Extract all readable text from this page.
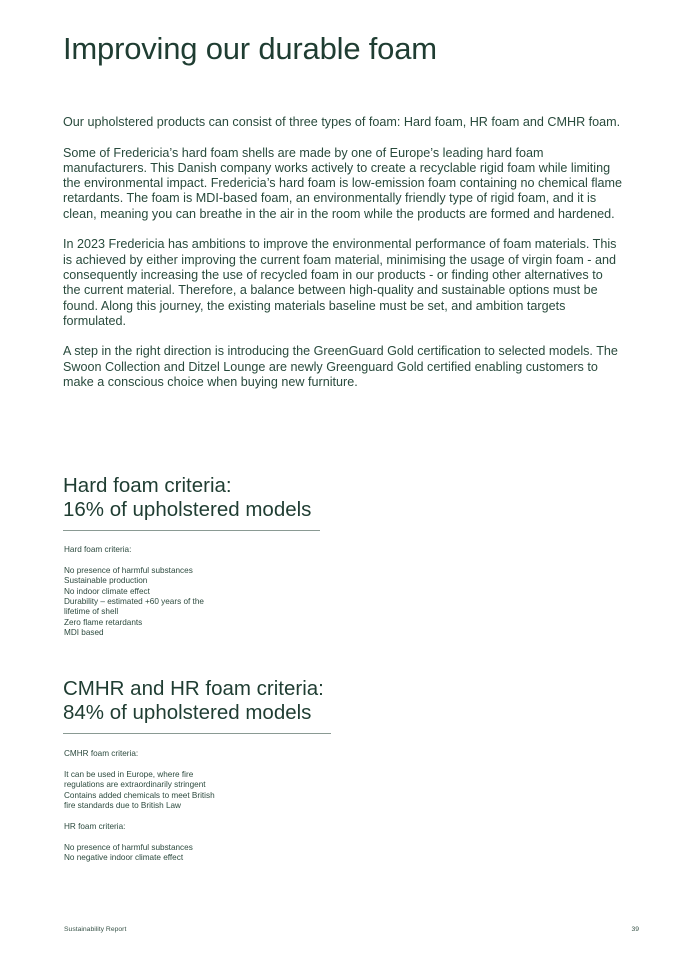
Improving our durable foam

Our upholstered products can consist of three types of foam: Hard foam, HR foam and CMHR foam.

Some of Fredericia’s hard foam shells are made by one of Europe’s leading hard foam manufacturers. This Danish company works actively to create a recyclable rigid foam while limiting the environmental impact. Fredericia’s hard foam is low-emission foam containing no chemical flame retardants. The foam is MDI-based foam, an environmentally friendly type of rigid foam, and it is clean, meaning you can breathe in the air in the room while the products are formed and hardened.

In 2023 Fredericia has ambitions to improve the environmental performance of foam materials. This is achieved by either improving the current foam material, minimising the usage of virgin foam - and consequently increasing the use of recycled foam in our products - or finding other alternatives to the current material. Therefore, a balance between high-quality and sustainable options must be found. Along this journey, the existing materials baseline must be set, and ambition targets formulated.

A step in the right direction is introducing the GreenGuard Gold certification to selected models. The Swoon Collection and Ditzel Lounge are newly Greenguard Gold certified enabling customers to make a conscious choice when buying new furniture.

Hard foam criteria:
16% of upholstered models
Hard foam criteria:
No presence of harmful substances
Sustainable production
No indoor climate effect
Durability – estimated +60 years of the
lifetime of shell
Zero flame retardants
MDI based
CMHR and HR foam criteria:
84% of upholstered models
CMHR foam criteria:
It can be used in Europe, where fire
regulations are extraordinarily stringent
Contains added chemicals to meet British
fire standards due to British Law
HR foam criteria:
No presence of harmful substances
No negative indoor climate effect
Sustainability Report	39
